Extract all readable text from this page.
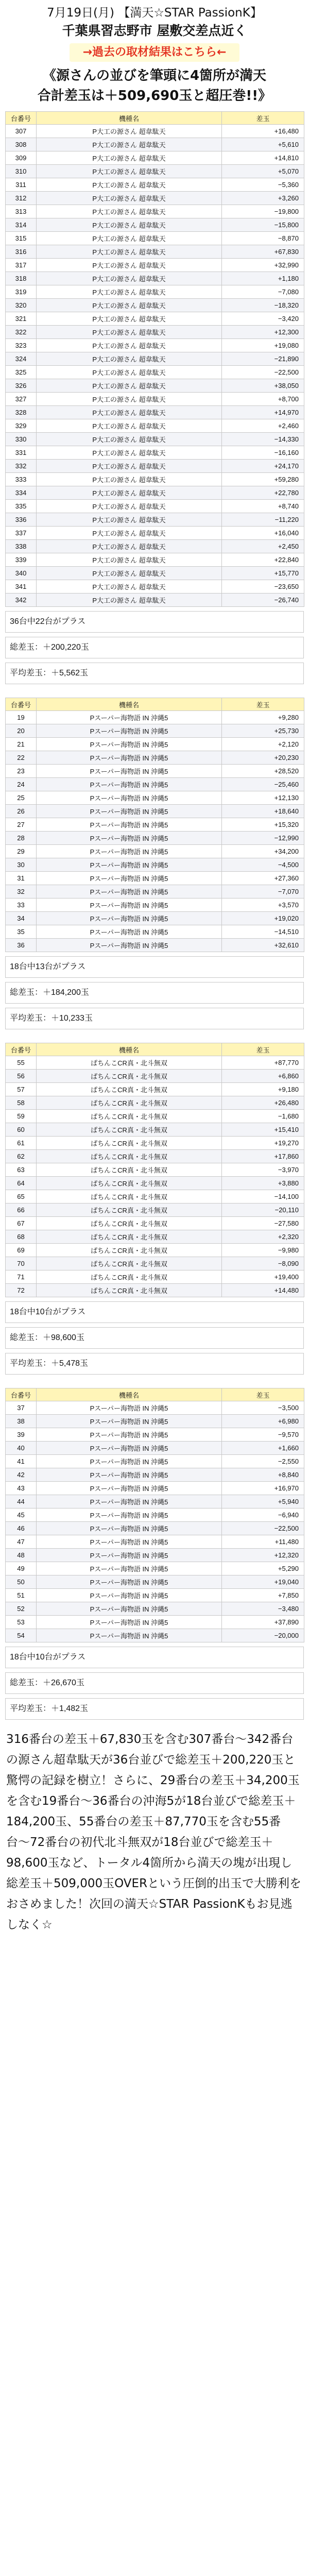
7月19日(月) 【満天☆STAR PassionK】
千葉県習志野市 屋敷交差点近く
→過去の取材結果はこちら←
《源さんの並びを筆頭に4箇所が満天
合計差玉は＋509,690玉と超圧巻!!》
台番号	機種名	差玉
307	P大工の源さん 超韋駄天	+16,480
308	P大工の源さん 超韋駄天	+5,610
309	P大工の源さん 超韋駄天	+14,810
310	P大工の源さん 超韋駄天	+5,070
311	P大工の源さん 超韋駄天	−5,360
312	P大工の源さん 超韋駄天	+3,260
313	P大工の源さん 超韋駄天	−19,800
314	P大工の源さん 超韋駄天	−15,800
315	P大工の源さん 超韋駄天	−8,870
316	P大工の源さん 超韋駄天	+67,830
317	P大工の源さん 超韋駄天	+32,990
318	P大工の源さん 超韋駄天	+1,180
319	P大工の源さん 超韋駄天	−7,080
320	P大工の源さん 超韋駄天	−18,320
321	P大工の源さん 超韋駄天	−3,420
322	P大工の源さん 超韋駄天	+12,300
323	P大工の源さん 超韋駄天	+19,080
324	P大工の源さん 超韋駄天	−21,890
325	P大工の源さん 超韋駄天	−22,500
326	P大工の源さん 超韋駄天	+38,050
327	P大工の源さん 超韋駄天	+8,700
328	P大工の源さん 超韋駄天	+14,970
329	P大工の源さん 超韋駄天	+2,460
330	P大工の源さん 超韋駄天	−14,330
331	P大工の源さん 超韋駄天	−16,160
332	P大工の源さん 超韋駄天	+24,170
333	P大工の源さん 超韋駄天	+59,280
334	P大工の源さん 超韋駄天	+22,780
335	P大工の源さん 超韋駄天	+8,740
336	P大工の源さん 超韋駄天	−11,220
337	P大工の源さん 超韋駄天	+16,040
338	P大工の源さん 超韋駄天	+2,450
339	P大工の源さん 超韋駄天	+22,840
340	P大工の源さん 超韋駄天	+15,770
341	P大工の源さん 超韋駄天	−23,650
342	P大工の源さん 超韋駄天	−26,740
36台中22台がプラス
総差玉：＋200,220玉
平均差玉：＋5,562玉
台番号	機種名	差玉
19	Pスーパー海物語 IN 沖縄5	+9,280
20	Pスーパー海物語 IN 沖縄5	+25,730
21	Pスーパー海物語 IN 沖縄5	+2,120
22	Pスーパー海物語 IN 沖縄5	+20,230
23	Pスーパー海物語 IN 沖縄5	+28,520
24	Pスーパー海物語 IN 沖縄5	−25,460
25	Pスーパー海物語 IN 沖縄5	+12,130
26	Pスーパー海物語 IN 沖縄5	+18,640
27	Pスーパー海物語 IN 沖縄5	+15,320
28	Pスーパー海物語 IN 沖縄5	−12,990
29	Pスーパー海物語 IN 沖縄5	+34,200
30	Pスーパー海物語 IN 沖縄5	−4,500
31	Pスーパー海物語 IN 沖縄5	+27,360
32	Pスーパー海物語 IN 沖縄5	−7,070
33	Pスーパー海物語 IN 沖縄5	+3,570
34	Pスーパー海物語 IN 沖縄5	+19,020
35	Pスーパー海物語 IN 沖縄5	−14,510
36	Pスーパー海物語 IN 沖縄5	+32,610
18台中13台がプラス
総差玉：＋184,200玉
平均差玉：＋10,233玉
台番号	機種名	差玉
55	ぱちんこCR真・北斗無双	+87,770
56	ぱちんこCR真・北斗無双	+6,860
57	ぱちんこCR真・北斗無双	+9,180
58	ぱちんこCR真・北斗無双	+26,480
59	ぱちんこCR真・北斗無双	−1,680
60	ぱちんこCR真・北斗無双	+15,410
61	ぱちんこCR真・北斗無双	+19,270
62	ぱちんこCR真・北斗無双	+17,860
63	ぱちんこCR真・北斗無双	−3,970
64	ぱちんこCR真・北斗無双	+3,880
65	ぱちんこCR真・北斗無双	−14,100
66	ぱちんこCR真・北斗無双	−20,110
67	ぱちんこCR真・北斗無双	−27,580
68	ぱちんこCR真・北斗無双	+2,320
69	ぱちんこCR真・北斗無双	−9,980
70	ぱちんこCR真・北斗無双	−8,090
71	ぱちんこCR真・北斗無双	+19,400
72	ぱちんこCR真・北斗無双	+14,480
18台中10台がプラス
総差玉：＋98,600玉
平均差玉：＋5,478玉
台番号	機種名	差玉
37	Pスーパー海物語 IN 沖縄5	−3,500
38	Pスーパー海物語 IN 沖縄5	+6,980
39	Pスーパー海物語 IN 沖縄5	−9,570
40	Pスーパー海物語 IN 沖縄5	+1,660
41	Pスーパー海物語 IN 沖縄5	−2,550
42	Pスーパー海物語 IN 沖縄5	+8,840
43	Pスーパー海物語 IN 沖縄5	+16,970
44	Pスーパー海物語 IN 沖縄5	+5,940
45	Pスーパー海物語 IN 沖縄5	−6,940
46	Pスーパー海物語 IN 沖縄5	−22,500
47	Pスーパー海物語 IN 沖縄5	+11,480
48	Pスーパー海物語 IN 沖縄5	+12,320
49	Pスーパー海物語 IN 沖縄5	+5,290
50	Pスーパー海物語 IN 沖縄5	+19,040
51	Pスーパー海物語 IN 沖縄5	+7,850
52	Pスーパー海物語 IN 沖縄5	−3,480
53	Pスーパー海物語 IN 沖縄5	+37,890
54	Pスーパー海物語 IN 沖縄5	−20,000
18台中10台がプラス
総差玉：＋26,670玉
平均差玉：＋1,482玉
316番台の差玉＋67,830玉を含む307番台〜342番台の源さん超韋駄天が36台並びで総差玉＋200,220玉と驚愕の記録を樹立！さらに、29番台の差玉＋34,200玉を含む19番台〜36番台の沖海5が18台並びで総差玉＋184,200玉、55番台の差玉＋87,770玉を含む55番台〜72番台の初代北斗無双が18台並びで総差玉＋98,600玉など、トータル4箇所から満天の塊が出現し総差玉＋509,000玉OVERという圧倒的出玉で大勝利をおさめました！次回の満天☆STAR PassionKもお見逃しなく☆
